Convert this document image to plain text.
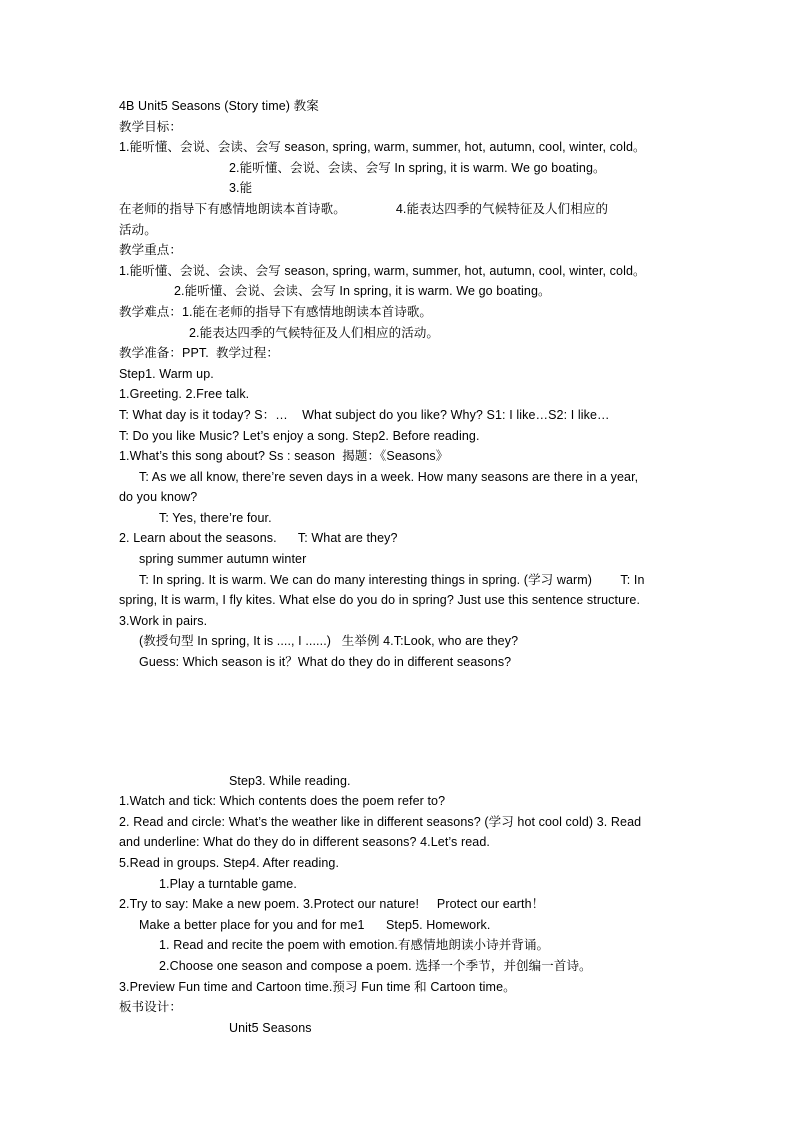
4B Unit5 Seasons (Story time) 教案
教学目标：
1.能听懂、会说、会读、会写 season, spring, warm, summer, hot, autumn, cool, winter, cold。
2.能听懂、会说、会读、会写 In spring, it is warm. We go boating。                    3.能
在老师的指导下有感情地朗读本首诗歌。              4.能表达四季的气候特征及人们相应的
活动。
教学重点：
1.能听懂、会说、会读、会写 season, spring, warm, summer, hot, autumn, cool, winter, cold。
2.能听懂、会说、会读、会写 In spring, it is warm. We go boating。
教学难点：1.能在老师的指导下有感情地朗读本首诗歌。
2.能表达四季的气候特征及人们相应的活动。
教学准备：PPT.  教学过程：
Step1. Warm up.
1.Greeting. 2.Free talk.
T: What day is it today? S：…    What subject do you like? Why? S1: I like…S2: I like…
T: Do you like Music? Let’s enjoy a song. Step2. Before reading.
1.What’s this song about? Ss : season  揭题：《Seasons》
T: As we all know, there’re seven days in a week. How many seasons are there in a year,
do you know?
T: Yes, there’re four.
2. Learn about the seasons.      T: What are they?
spring summer autumn winter
T: In spring. It is warm. We can do many interesting things in spring. (学习 warm)        T: In
spring, It is warm, I fly kites. What else do you do in spring? Just use this sentence structure.
3.Work in pairs.
(教授句型 In spring, It is ...., I ......)   生举例 4.T:Look, who are they?
Guess: Which season is it？What do they do in different seasons?
Step3. While reading.
1.Watch and tick: Which contents does the poem refer to?
2. Read and circle: What’s the weather like in different seasons? (学习 hot cool cold) 3. Read
and underline: What do they do in different seasons? 4.Let’s read.
5.Read in groups. Step4. After reading.
1.Play a turntable game.
2.Try to say: Make a new poem. 3.Protect our nature!     Protect our earth！
Make a better place for you and for me1      Step5. Homework.
1. Read and recite the poem with emotion.有感情地朗读小诗并背诵。
2.Choose one season and compose a poem. 选择一个季节，并创编一首诗。
3.Preview Fun time and Cartoon time.预习 Fun time 和 Cartoon time。
板书设计：
Unit5 Seasons
